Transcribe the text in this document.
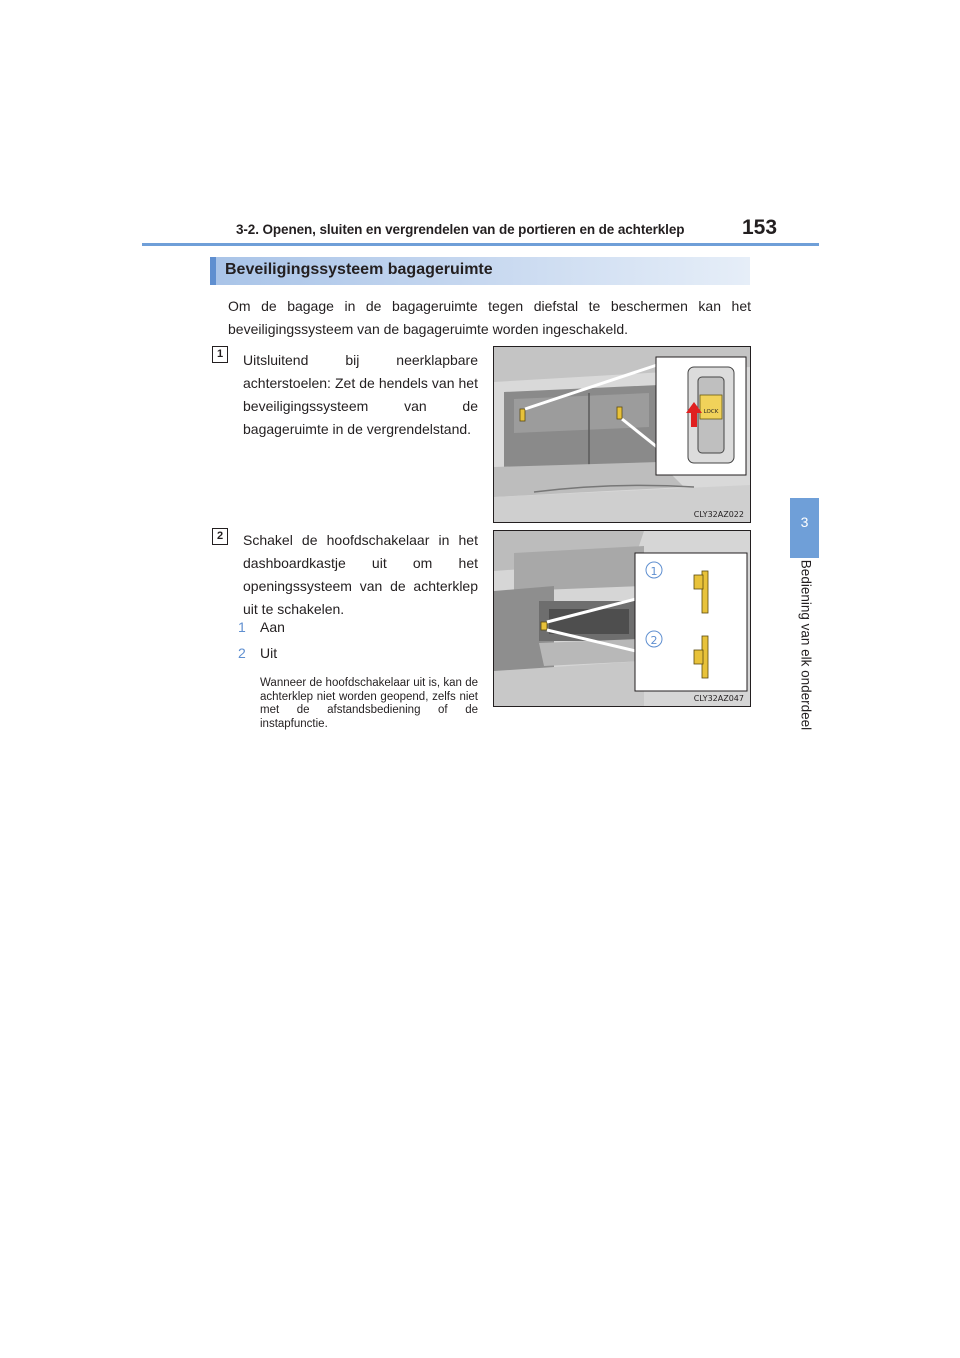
3-2. Openen, sluiten en vergrendelen van de portieren en de achterklep	153
3
Bediening van elk onderdeel
Beveiligingssysteem bagageruimte
Om de bagage in de bagageruimte tegen diefstal te beschermen kan het beveiligingssysteem van de bagageruimte worden ingeschakeld.
1	Uitsluitend bij neerklapbare achterstoelen: Zet de hendels van het beveiligingssysteem van de bagageruimte in de vergrendelstand.
LOCK
CLY32AZ022
2	Schakel de hoofdschakelaar in het dashboardkastje uit om het openingssysteem van de achterklep uit te schakelen.
1 Aan
2 Uit
Wanneer de hoofdschakelaar uit is, kan de achterklep niet worden geopend, zelfs niet met de afstandsbediening of de instapfunctie.
1
2
CLY32AZ047
